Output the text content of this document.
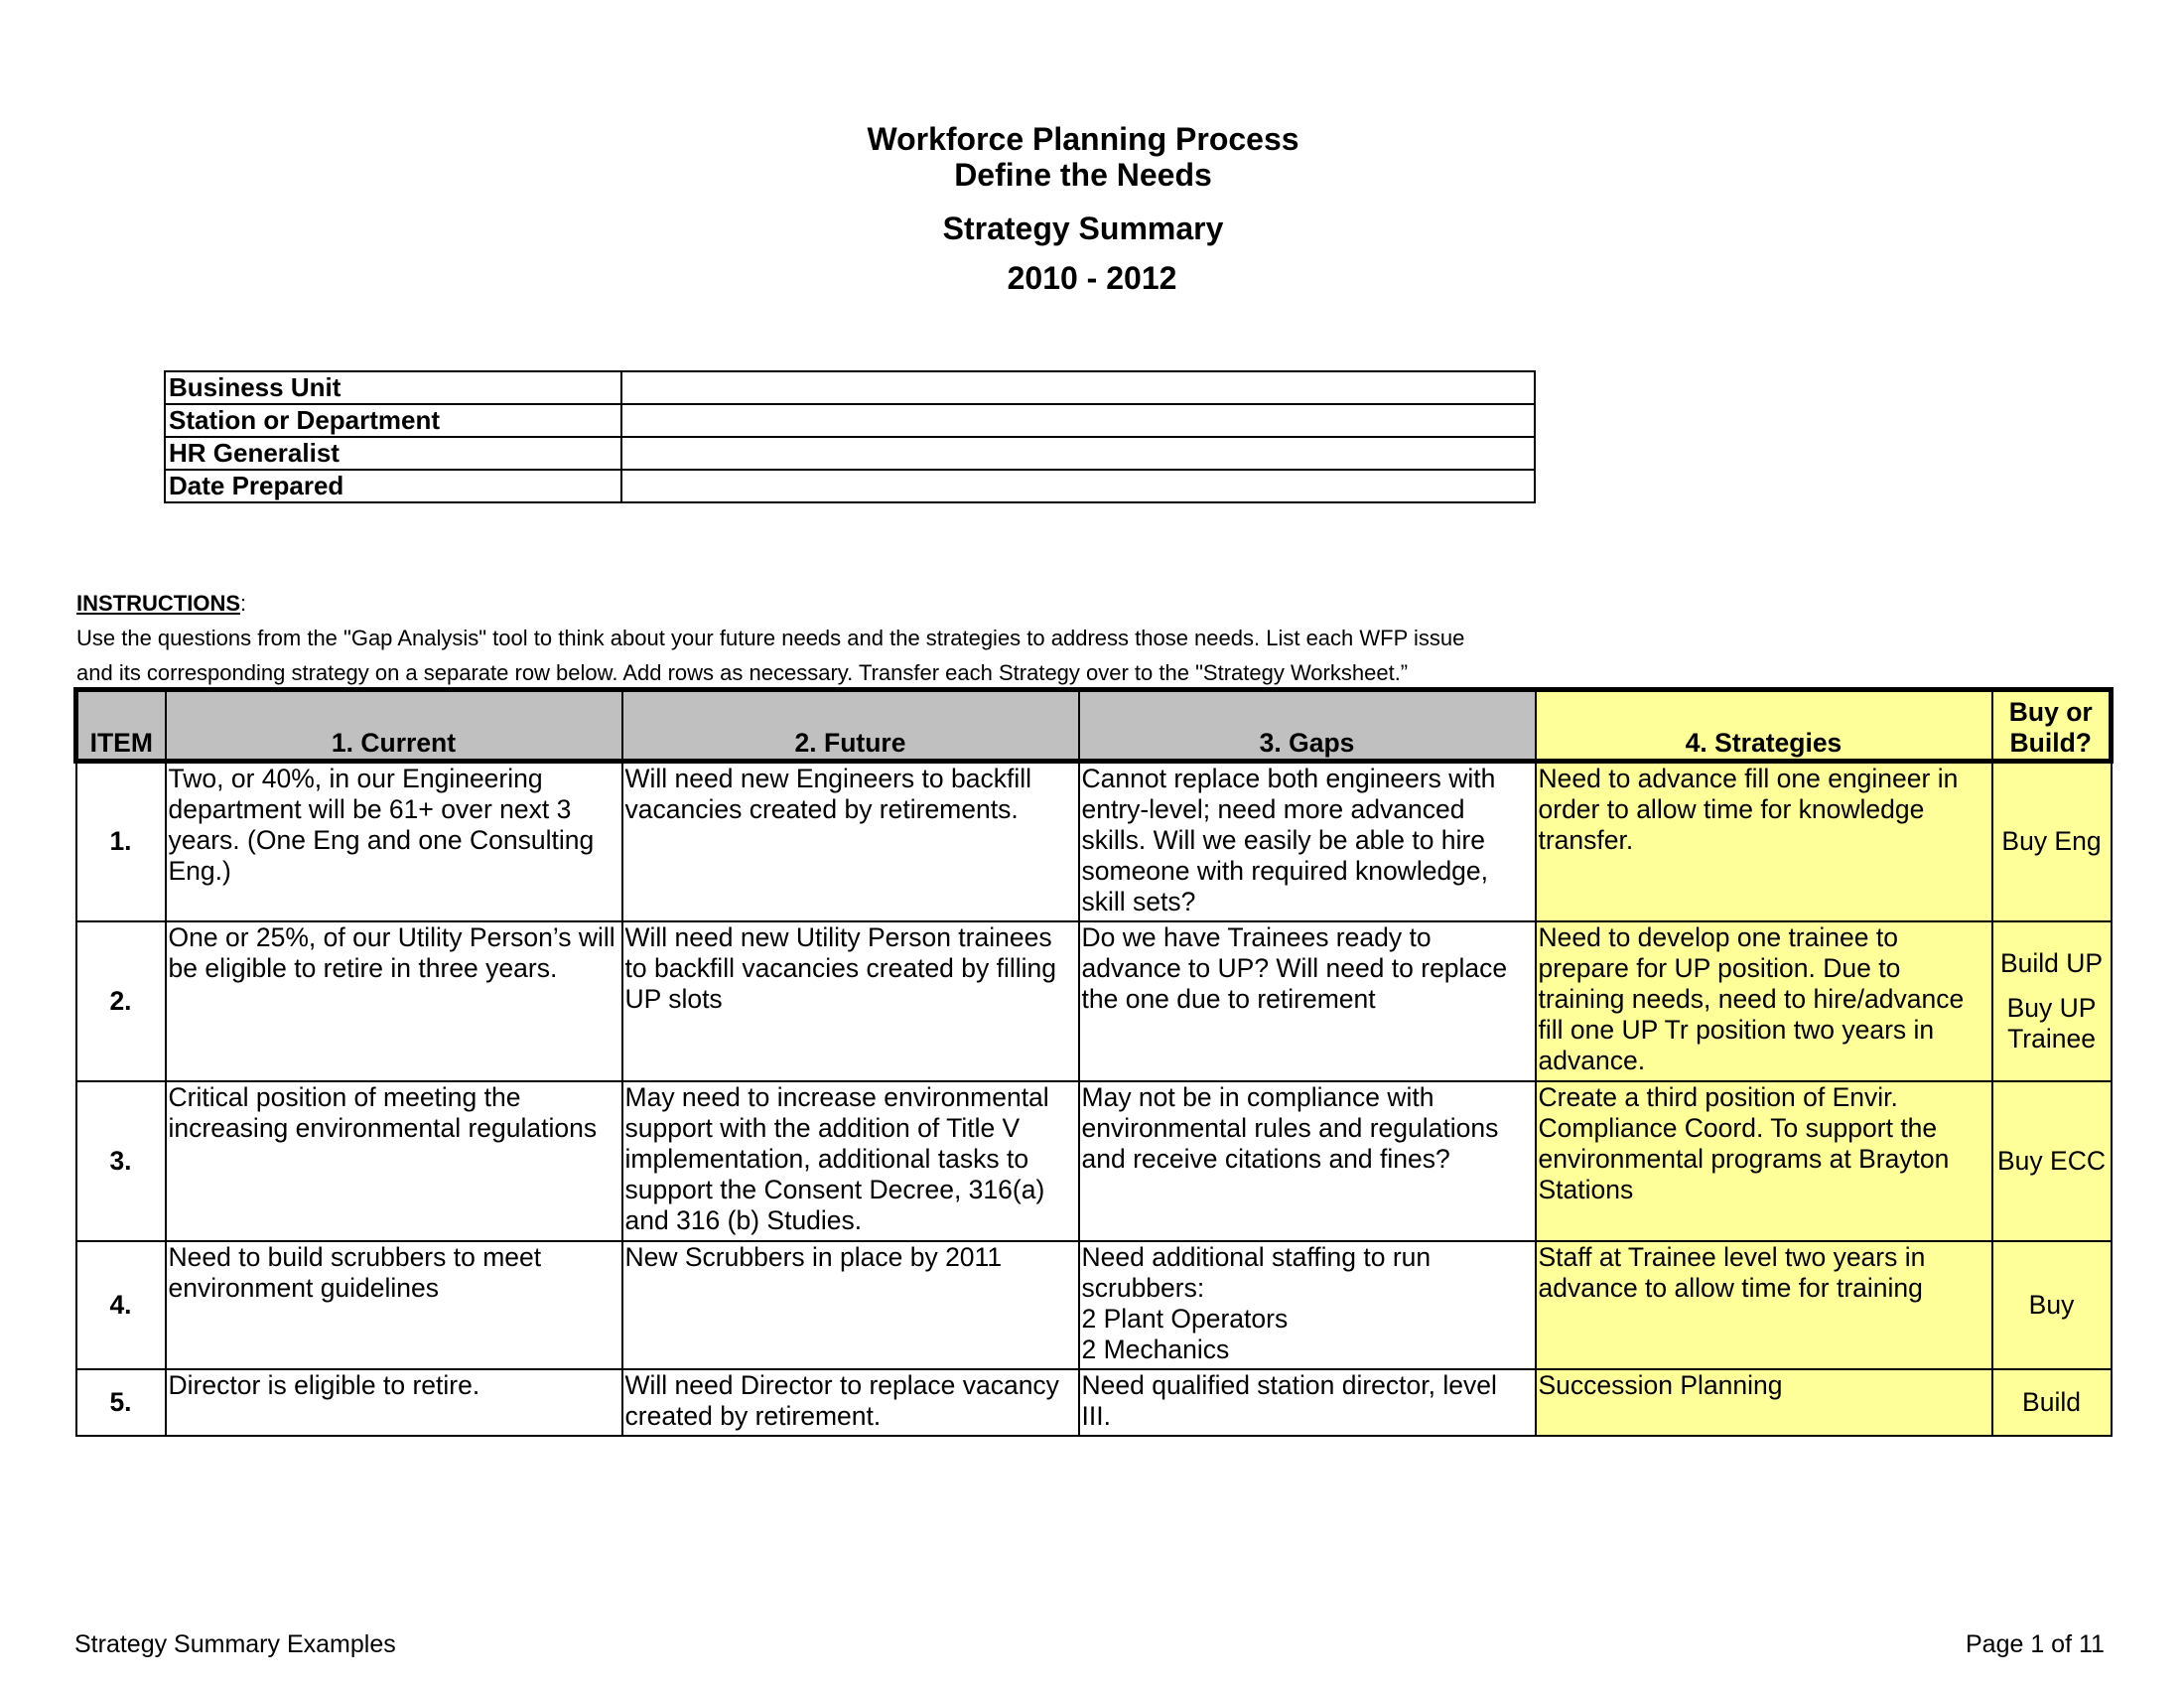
Workforce Planning Process
Define the Needs
Strategy Summary
2010 - 2012
Business Unit	
Station or Department	
HR Generalist	
Date Prepared	
INSTRUCTIONS:
Use the questions from the "Gap Analysis" tool to think about your future needs and the strategies to address those needs. List each WFP issue
and its corresponding strategy on a separate row below. Add rows as necessary. Transfer each Strategy over to the "Strategy Worksheet.”
ITEM	1. Current	2. Future	3. Gaps	4. Strategies	Buy or Build?
1.	Two, or 40%, in our Engineering department will be 61+ over next 3 years. (One Eng and one Consulting Eng.)	Will need new Engineers to backfill vacancies created by retirements.	Cannot replace both engineers with entry-level; need more advanced skills. Will we easily be able to hire someone with required knowledge, skill sets?	Need to advance fill one engineer in order to allow time for knowledge transfer.	Buy Eng

2.	One or 25%, of our Utility Person’s will be eligible to retire in three years.	Will need new Utility Person trainees to backfill vacancies created by filling UP slots	Do we have Trainees ready to advance to UP? Will need to replace the one due to retirement	Need to develop one trainee to prepare for UP position. Due to training needs, need to hire/advance fill one UP Tr position two years in advance.	Build UP
Buy UP Trainee

3.	Critical position of meeting the increasing environmental regulations	May need to increase environmental support with the addition of Title V implementation, additional tasks to support the Consent Decree, 316(a) and 316 (b) Studies.	May not be in compliance with environmental rules and regulations and receive citations and fines?	Create a third position of Envir. Compliance Coord. To support the environmental programs at Brayton Stations	Buy ECC

4.	Need to build scrubbers to meet environment guidelines	New Scrubbers in place by 2011	Need additional staffing to run scrubbers:
2 Plant Operators
2 Mechanics	Staff at Trainee level two years in advance to allow time for training	Buy

5.	Director is eligible to retire.	Will need Director to replace vacancy created by retirement.	Need qualified station director, level III.	Succession Planning	Build
Strategy Summary Examples	Page 1 of 11
